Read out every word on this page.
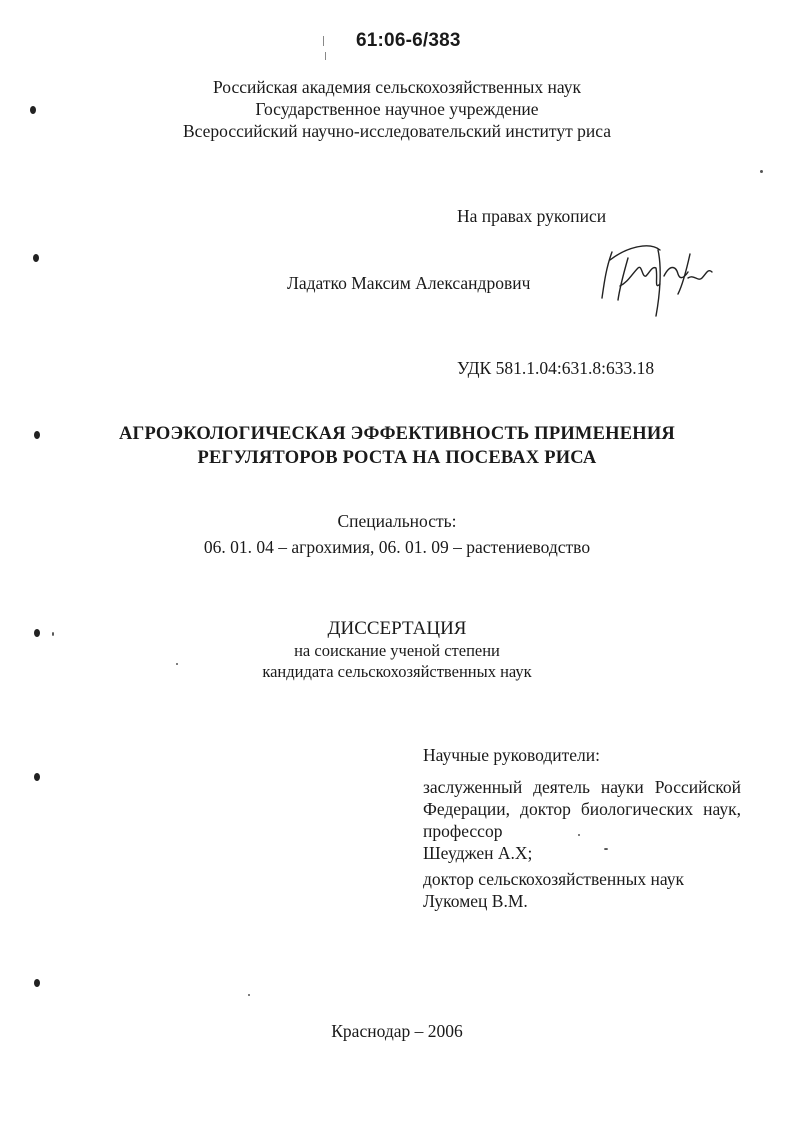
61:06-6/383
Российская академия сельскохозяйственных наук
Государственное научное учреждение
Всероссийский научно-исследовательский институт риса
На правах рукописи
Ладатко Максим Александрович
УДК 581.1.04:631.8:633.18
АГРОЭКОЛОГИЧЕСКАЯ ЭФФЕКТИВНОСТЬ ПРИМЕНЕНИЯ
РЕГУЛЯТОРОВ РОСТА НА ПОСЕВАХ РИСА
Специальность:
06. 01. 04 – агрохимия, 06. 01. 09 – растениеводство
ДИССЕРТАЦИЯ
на соискание ученой степени
кандидата сельскохозяйственных наук
Научные руководители:
заслуженный деятель науки Российской Федерации, доктор биологических наук, профессор
Шеуджен А.Х;
доктор сельскохозяйственных наук
Лукомец В.М.
Краснодар – 2006
